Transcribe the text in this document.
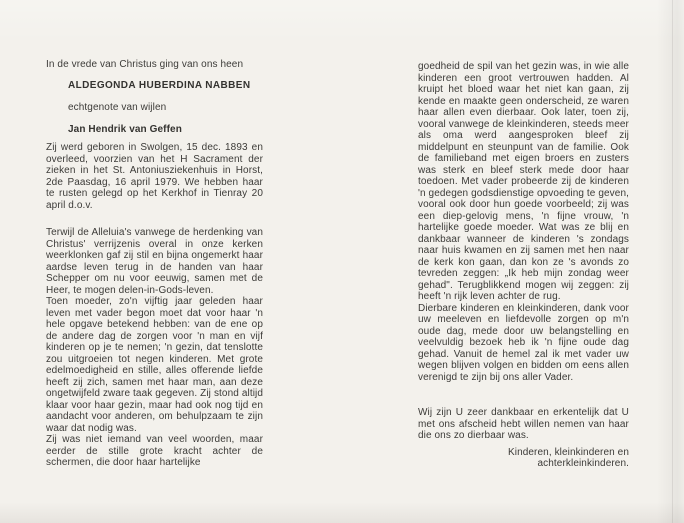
In de vrede van Christus ging van ons heen

ALDEGONDA HUBERDINA NABBEN

echtgenote van wijlen

Jan Hendrik van Geffen

Zij werd geboren in Swolgen, 15 dec. 1893 en overleed, voorzien van het H Sacrament der zieken in het St. Antoniusziekenhuis in Horst, 2de Paasdag, 16 april 1979. We hebben haar te rusten gelegd op het Kerkhof in Tienray 20 april d.o.v.

Terwijl de Alleluia's vanwege de herdenking van Christus' verrijzenis overal in onze kerken weerklonken gaf zij stil en bijna ongemerkt haar aardse leven terug in de handen van haar Schepper om nu voor eeuwig, samen met de Heer, te mogen delen-in-Gods-leven.

Toen moeder, zo'n vijftig jaar geleden haar leven met vader begon moet dat voor haar 'n hele opgave betekend hebben: van de ene op de andere dag de zorgen voor 'n man en vijf kinderen op je te nemen; 'n gezin, dat tenslotte zou uitgroeien tot negen kinderen. Met grote edelmoedigheid en stille, alles offerende liefde heeft zij zich, samen met haar man, aan deze ongetwijfeld zware taak gegeven. Zij stond altijd klaar voor haar gezin, maar had ook nog tijd en aandacht voor anderen, om behulpzaam te zijn waar dat nodig was.

Zij was niet iemand van veel woorden, maar eerder de stille grote kracht achter de schermen, die door haar hartelijke

goedheid de spil van het gezin was, in wie alle kinderen een groot vertrouwen hadden. Al kruipt het bloed waar het niet kan gaan, zij kende en maakte geen onderscheid, ze waren haar allen even dierbaar. Ook later, toen zij, vooral vanwege de kleinkinderen, steeds meer als oma werd aangesproken bleef zij middelpunt en steunpunt van de familie. Ook de familieband met eigen broers en zusters was sterk en bleef sterk mede door haar toedoen. Met vader probeerde zij de kinderen 'n gedegen godsdienstige opvoeding te geven, vooral ook door hun goede voorbeeld; zij was een diep-gelovig mens, 'n fijne vrouw, 'n hartelijke goede moeder. Wat was ze blij en dankbaar wanneer de kinderen 's zondags naar huis kwamen en zij samen met hen naar de kerk kon gaan, dan kon ze 's avonds zo tevreden zeggen: „Ik heb mijn zondag weer gehad". Terugblikkend mogen wij zeggen: zij heeft 'n rijk leven achter de rug.

Dierbare kinderen en kleinkinderen, dank voor uw meeleven en liefdevolle zorgen op m'n oude dag, mede door uw belangstelling en veelvuldig bezoek heb ik 'n fijne oude dag gehad. Vanuit de hemel zal ik met vader uw wegen blijven volgen en bidden om eens allen verenigd te zijn bij ons aller Vader.

Wij zijn U zeer dankbaar en erkentelijk dat U met ons afscheid hebt willen nemen van haar die ons zo dierbaar was.

Kinderen, kleinkinderen en
achterkleinkinderen.
